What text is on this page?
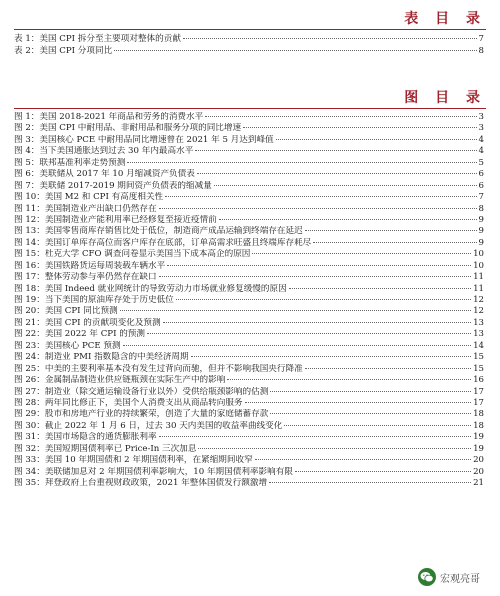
表 目 录
表 1： 美国 CPI 拆分至主要项对整体的贡献	7
表 2： 美国 CPI 分项同比	8
图 目 录
图 1： 美国 2018-2021 年商品和劳务的消费水平	3
图 2： 美国 CPI 中耐用品、非耐用品和服务分项的同比增速	3
图 3： 美国核心 PCE 中耐用品同比增速曾在 2021 年 5 月达到峰值	4
图 4： 当下美国通胀达到过去 30 年内最高水平	4
图 5： 联邦基准利率走势预测	5
图 6： 美联储从 2017 年 10 月缩减资产负债表	6
图 7： 美联储 2017-2019 期间资产负债表的缩减量	6
图 10： 美国 M2 和 CPI 有高度相关性	7
图 11： 美国制造业产出缺口仍然存在	8
图 12： 美国制造业产能利用率已经修复至接近疫情前	9
图 13： 美国零售商库存销售比处于低位，制造商产成品运输到终端存在延迟	9
图 14： 美国订单库存高位而客户库存在底部，订单高需求旺盛且终端库存耗尽	9
图 15： 杜克大学 CFO 调查问卷显示美国当下成本高企的原因	10
图 16： 美国铁路货运每周装载车辆水平	10
图 17： 整体劳动参与率仍然存在缺口	11
图 18： 美国 Indeed 就业网统计的导致劳动力市场就业修复缓慢的原因	11
图 19： 当下美国的原油库存处于历史低位	12
图 20： 美国 CPI 同比预测	12
图 21： 美国 CPI 的贡献项变化及预测	13
图 22： 美国 2022 年 CPI 的预测	13
图 23： 美国核心 PCE 预测	14
图 24： 制造业 PMI 指数隐含的中美经济周期	15
图 25： 中美的主要利率基本没有发生过背向而驰，但并不影响我国央行降准	15
图 26： 金属制品制造业供应链瓶颈在实际生产中的影响	16
图 27： 制造业（除交通运输设备行业以外）受供给瓶颈影响的估测	17
图 28： 两年同比修正下，美国个人消费支出从商品转向服务	17
图 29： 股市和房地产行业的持续繁荣，创造了大量的家庭储蓄存款	18
图 30： 截止 2022 年 1 月 6 日，过去 30 天内美国的收益率曲线变化	18
图 31： 美国市场隐含的通货膨胀利率	19
图 32： 美国短期国债利率已 Price-In 三次加息	19
图 33： 美国 10 年期国债和 2 年期国债利率，在紧缩期间收窄	20
图 34： 美联储加息对 2 年期国债利率影响大，10 年期国债利率影响有限	20
图 35： 拜登政府上台重视财政政策，2021 年整体国债发行额激增	21
宏观亮哥
